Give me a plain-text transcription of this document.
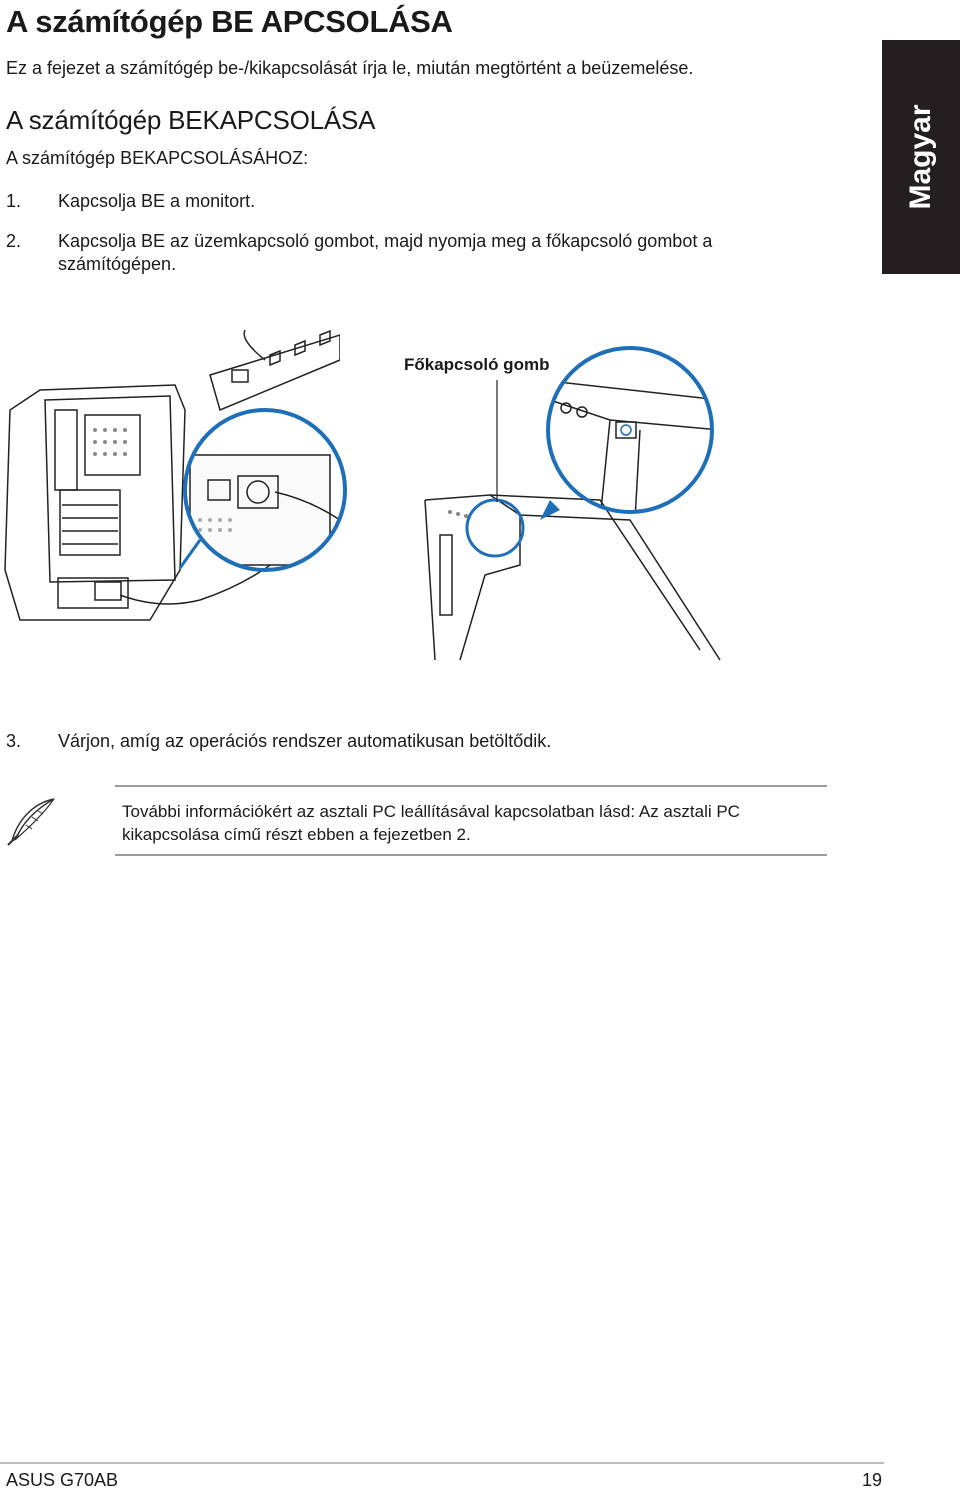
A számítógép BE APCSOLÁSA
Ez a fejezet a számítógép be-/kikapcsolását írja le, miután megtörtént a beüzemelése.
A számítógép BEKAPCSOLÁSA
A számítógép BEKAPCSOLÁSÁHOZ:
1. Kapcsolja BE a monitort.
2. Kapcsolja BE az üzemkapcsoló gombot, majd nyomja meg a főkapcsoló gombot a számítógépen.
Magyar
Főkapcsoló gomb
3. Várjon, amíg az operációs rendszer automatikusan betöltődik.
További információkért az asztali PC leállításával kapcsolatban lásd: Az asztali PC kikapcsolása című részt ebben a fejezetben 2.
ASUS G70AB	19
